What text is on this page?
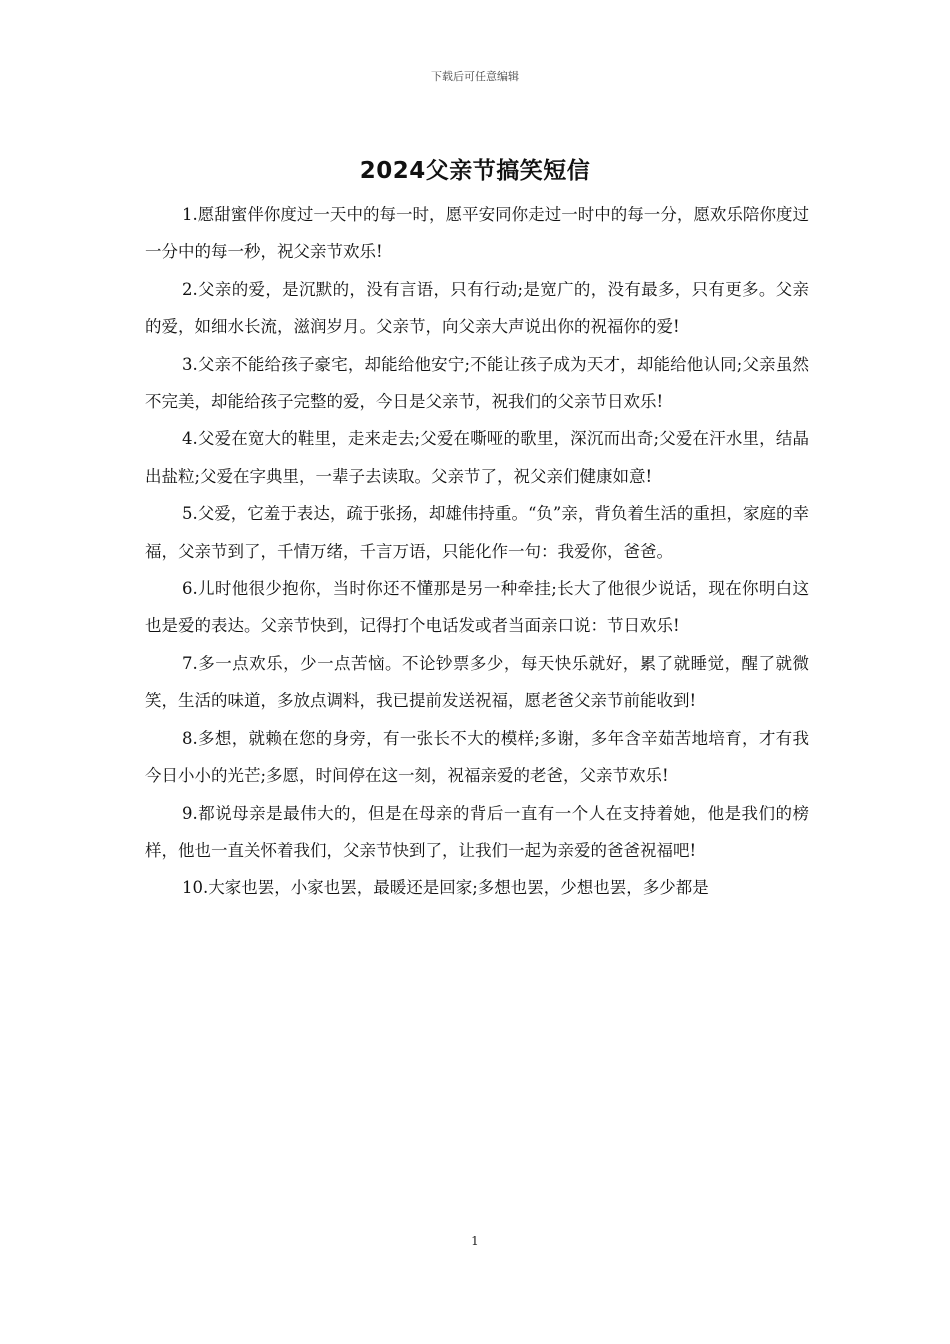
下载后可任意编辑
2024父亲节搞笑短信

1.愿甜蜜伴你度过一天中的每一时，愿平安同你走过一时中的每一分，愿欢乐陪你度过一分中的每一秒，祝父亲节欢乐!

2.父亲的爱，是沉默的，没有言语，只有行动;是宽广的，没有最多，只有更多。父亲的爱，如细水长流，滋润岁月。父亲节，向父亲大声说出你的祝福你的爱!

3.父亲不能给孩子豪宅，却能给他安宁;不能让孩子成为天才，却能给他认同;父亲虽然不完美，却能给孩子完整的爱，今日是父亲节，祝我们的父亲节日欢乐!

4.父爱在宽大的鞋里，走来走去;父爱在嘶哑的歌里，深沉而出奇;父爱在汗水里，结晶出盐粒;父爱在字典里，一辈子去读取。父亲节了，祝父亲们健康如意!

5.父爱，它羞于表达，疏于张扬，却雄伟持重。“负”亲，背负着生活的重担，家庭的幸福，父亲节到了，千情万绪，千言万语，只能化作一句：我爱你，爸爸。

6.儿时他很少抱你，当时你还不懂那是另一种牵挂;长大了他很少说话，现在你明白这也是爱的表达。父亲节快到，记得打个电话发或者当面亲口说：节日欢乐!

7.多一点欢乐，少一点苦恼。不论钞票多少，每天快乐就好，累了就睡觉，醒了就微笑，生活的味道，多放点调料，我已提前发送祝福，愿老爸父亲节前能收到!

8.多想，就赖在您的身旁，有一张长不大的模样;多谢，多年含辛茹苦地培育，才有我今日小小的光芒;多愿，时间停在这一刻，祝福亲爱的老爸，父亲节欢乐!

9.都说母亲是最伟大的，但是在母亲的背后一直有一个人在支持着她，他是我们的榜样，他也一直关怀着我们，父亲节快到了，让我们一起为亲爱的爸爸祝福吧!

10.大家也罢，小家也罢，最暖还是回家;多想也罢，少想也罢，多少都是

1
